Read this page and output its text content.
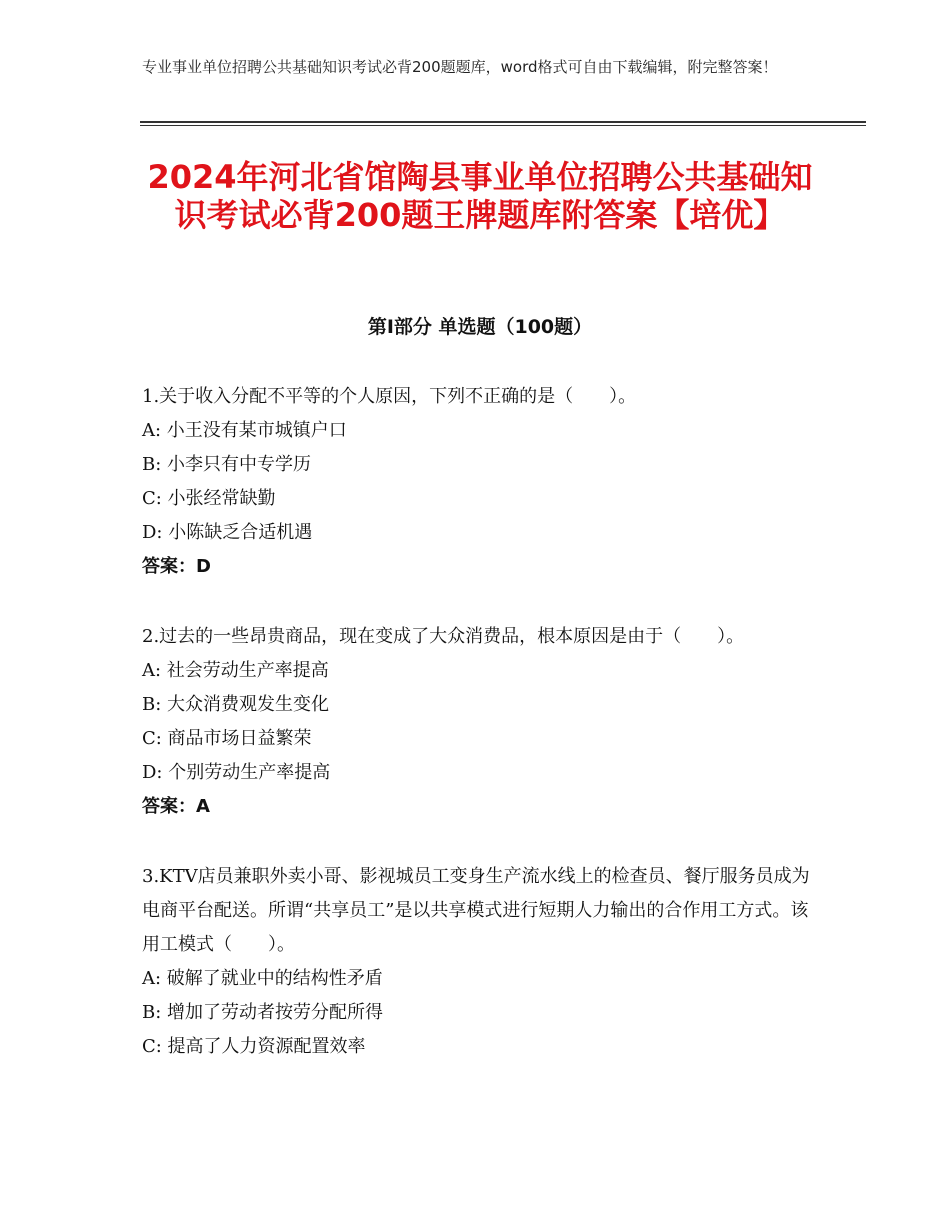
专业事业单位招聘公共基础知识考试必背200题题库，word格式可自由下载编辑，附完整答案！
2024年河北省馆陶县事业单位招聘公共基础知识考试必背200题王牌题库附答案【培优】
第I部分 单选题（100题）

1.关于收入分配不平等的个人原因，下列不正确的是（　　）。

A: 小王没有某市城镇户口

B: 小李只有中专学历

C: 小张经常缺勤

D: 小陈缺乏合适机遇

答案：D

2.过去的一些昂贵商品，现在变成了大众消费品，根本原因是由于（　　）。

A: 社会劳动生产率提高

B: 大众消费观发生变化

C: 商品市场日益繁荣

D: 个别劳动生产率提高

答案：A

3.KTV店员兼职外卖小哥、影视城员工变身生产流水线上的检查员、餐厅服务员成为电商平台配送。所谓“共享员工”是以共享模式进行短期人力输出的合作用工方式。该用工模式（　　）。

A: 破解了就业中的结构性矛盾

B: 增加了劳动者按劳分配所得

C: 提高了人力资源配置效率
